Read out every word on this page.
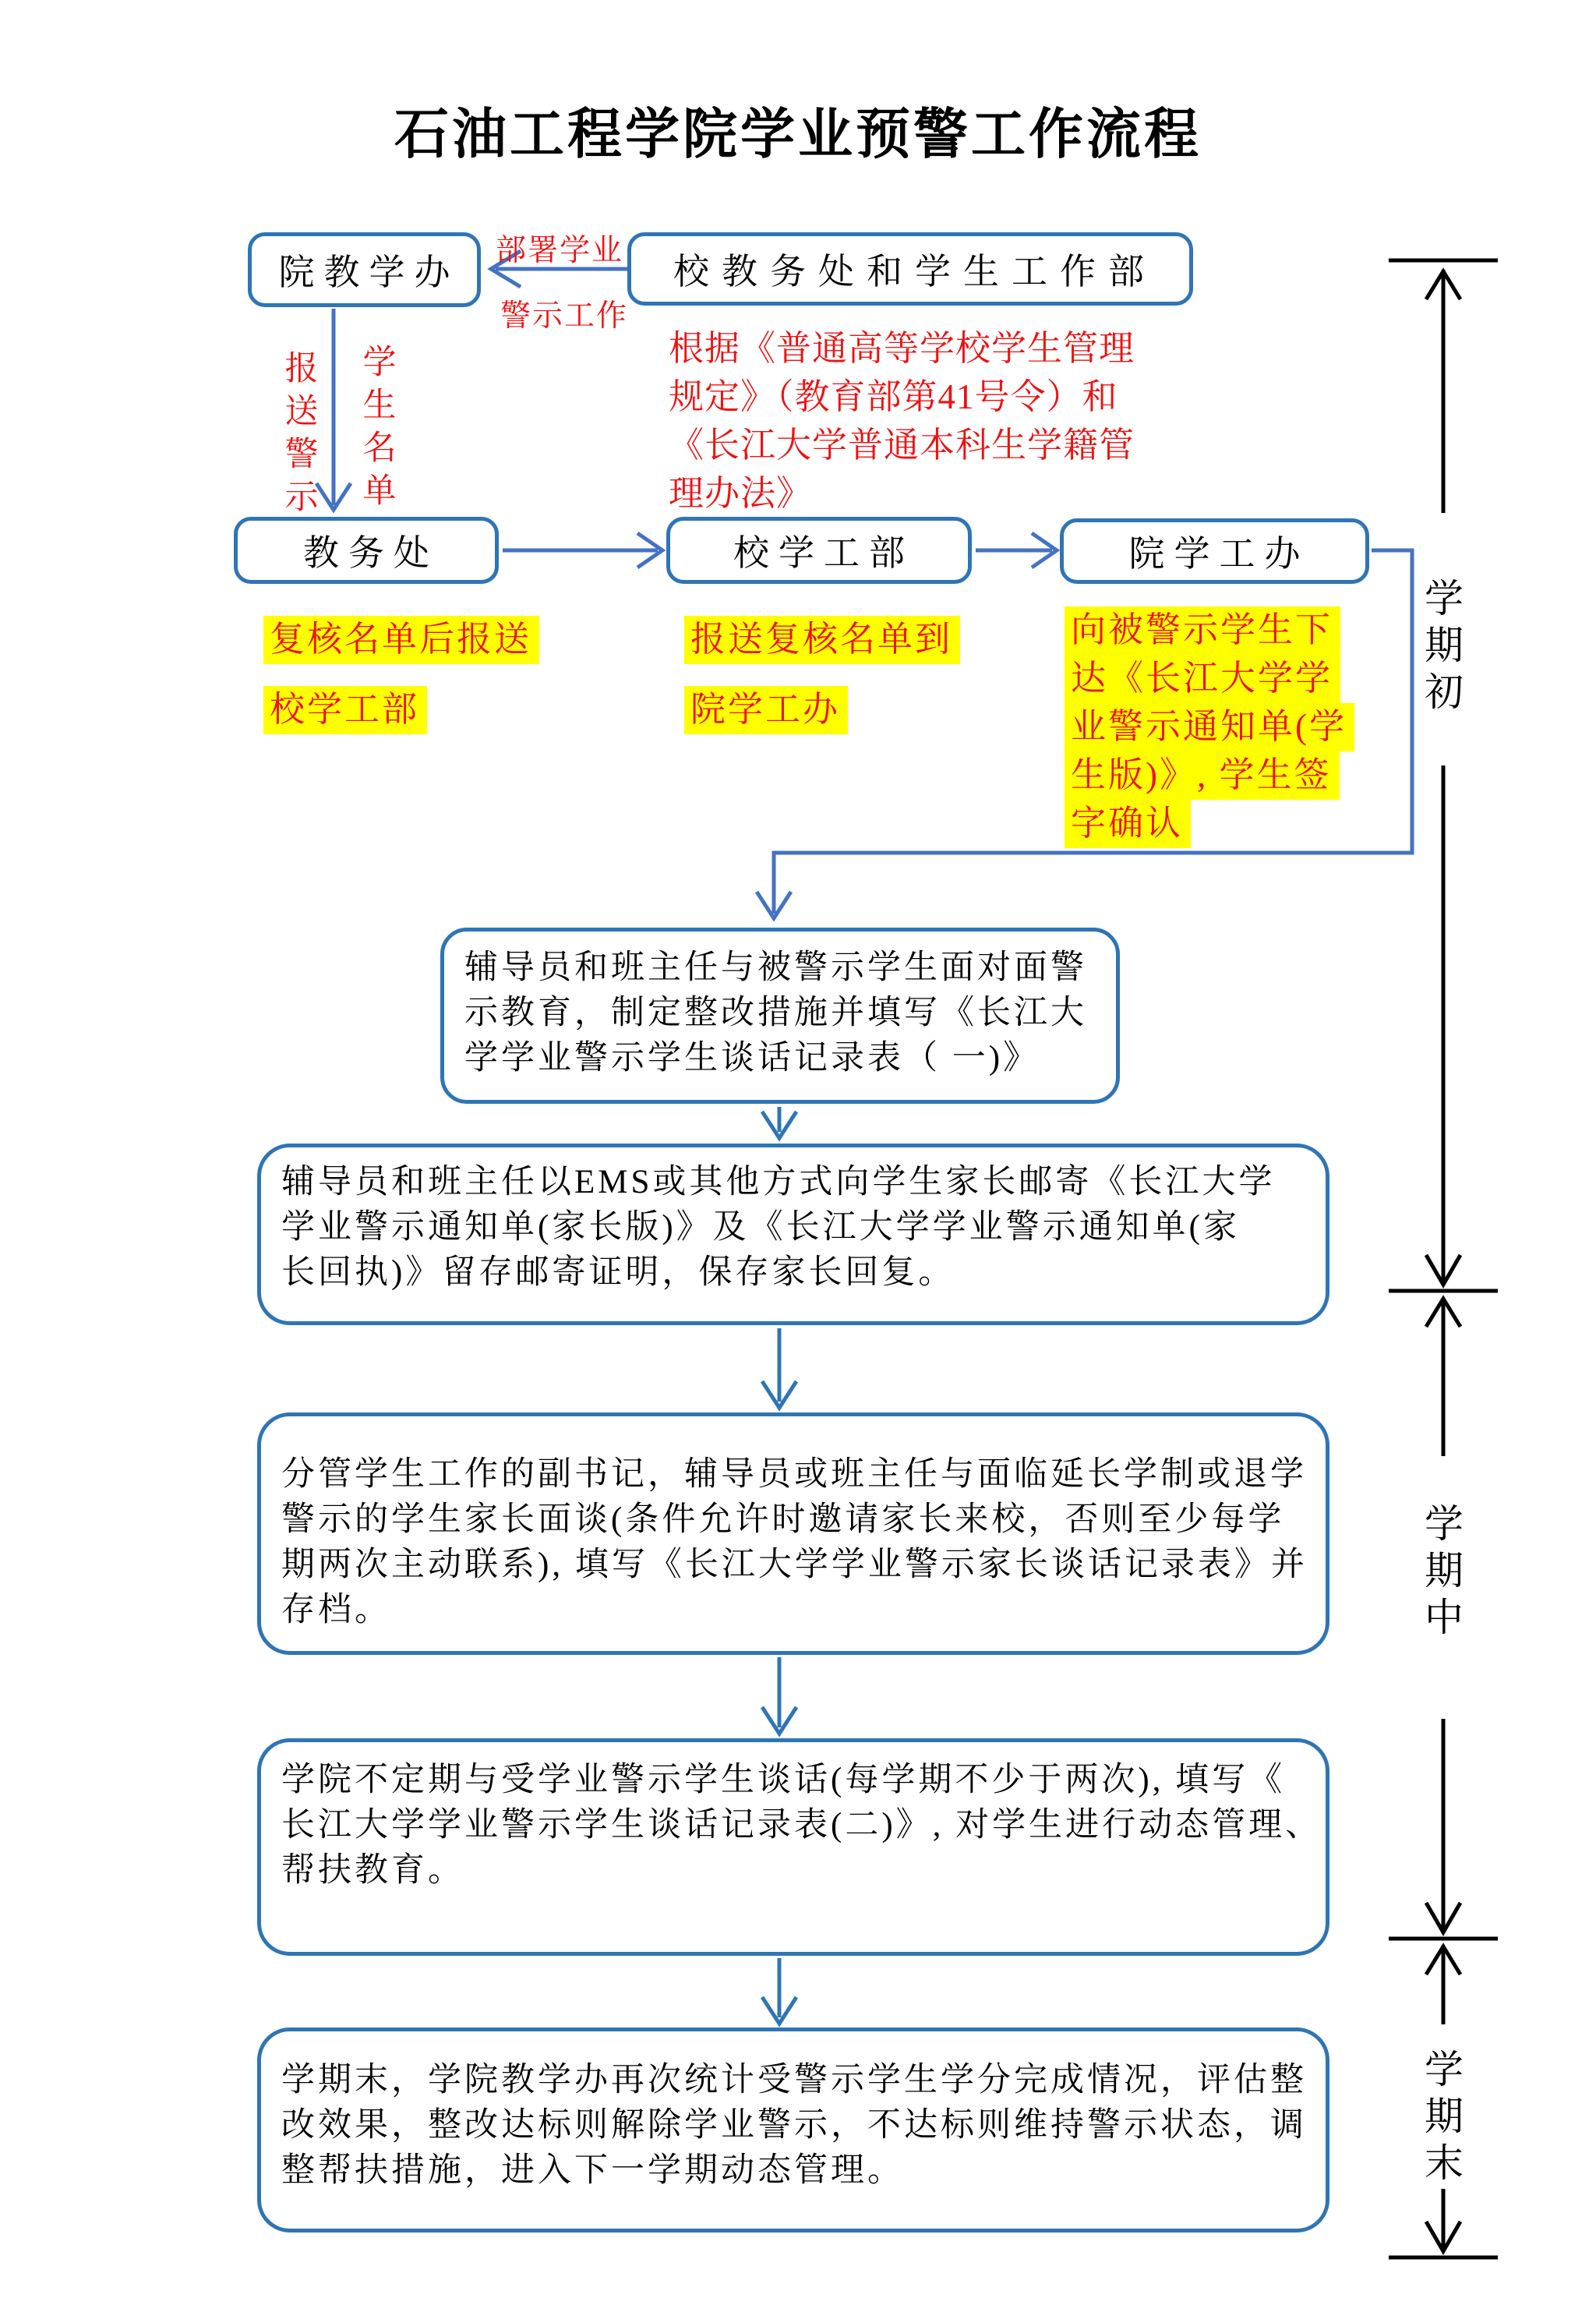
石油工程学院学业预警工作流程
院教学办	校教务处和学生工作部
部署学业
警示工作
根据《普通高等学校学生管理
规定》（教育部第41号令）和
《长江大学普通本科生学籍管
理办法》
报送警示
学生名单
教务处	校学工部	院学工办
复核名单后报送
校学工部
报送复核名单到
院学工办
向被警示学生下
达《长江大学学
业警示通知单(学
生版)》, 学生签
字确认
辅导员和班主任与被警示学生面对面警
示教育，制定整改措施并填写《长江大
学学业警示学生谈话记录表（ 一)》
辅导员和班主任以EMS或其他方式向学生家长邮寄《长江大学
学业警示通知单(家长版)》及《长江大学学业警示通知单(家
长回执)》留存邮寄证明，保存家长回复。
分管学生工作的副书记，辅导员或班主任与面临延长学制或退学
警示的学生家长面谈(条件允许时邀请家长来校，否则至少每学
期两次主动联系), 填写《长江大学学业警示家长谈话记录表》并
存档。
学院不定期与受学业警示学生谈话(每学期不少于两次), 填写《
长江大学学业警示学生谈话记录表(二)》, 对学生进行动态管理、
帮扶教育。
学期末，学院教学办再次统计受警示学生学分完成情况，评估整
改效果，整改达标则解除学业警示，不达标则维持警示状态，调
整帮扶措施，进入下一学期动态管理。
学期初
学期中
学期末
